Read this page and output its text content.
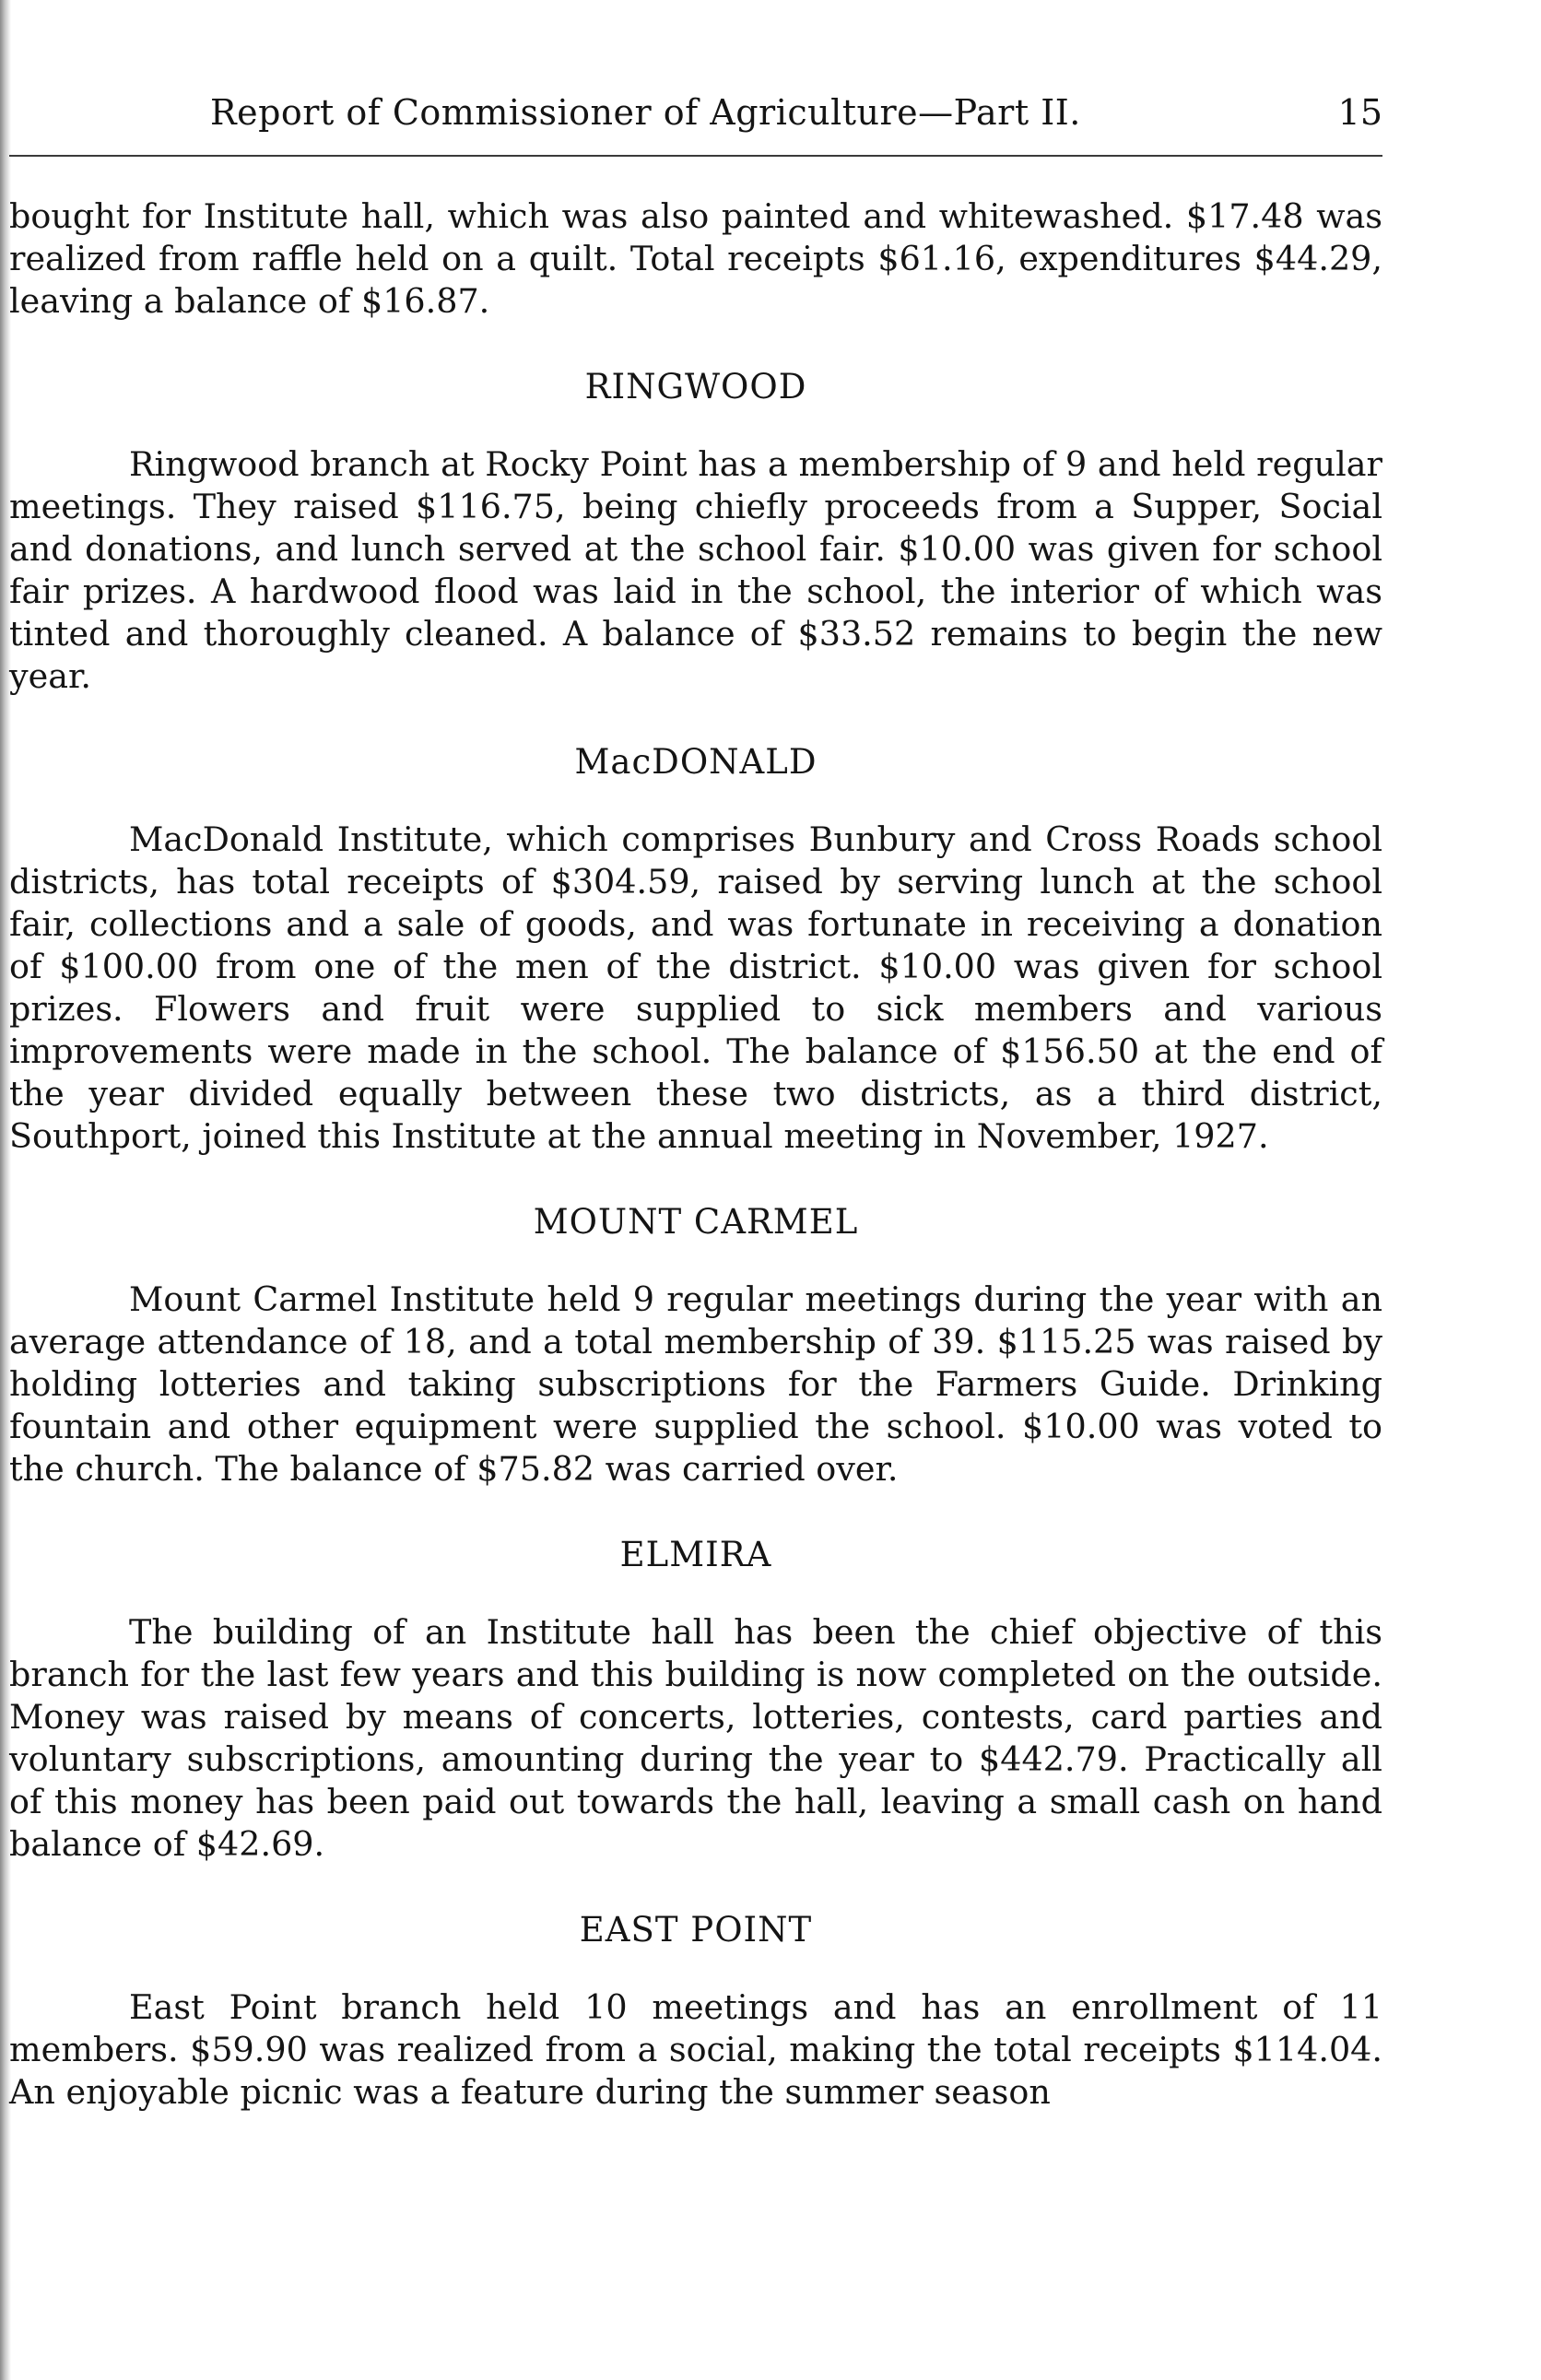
Report of Commissioner of Agriculture—Part II.	15

bought for Institute hall, which was also painted and whitewashed. $17.48 was realized from raffle held on a quilt. Total receipts $61.16, expenditures $44.29, leaving a balance of $16.87.

RINGWOOD

Ringwood branch at Rocky Point has a membership of 9 and held regular meetings. They raised $116.75, being chiefly proceeds from a Supper, Social and donations, and lunch served at the school fair. $10.00 was given for school fair prizes. A hardwood flood was laid in the school, the interior of which was tinted and thoroughly cleaned. A balance of $33.52 remains to begin the new year.

MacDONALD

MacDonald Institute, which comprises Bunbury and Cross Roads school districts, has total receipts of $304.59, raised by serving lunch at the school fair, collections and a sale of goods, and was fortunate in receiving a donation of $100.00 from one of the men of the district. $10.00 was given for school prizes. Flowers and fruit were supplied to sick members and various improvements were made in the school. The balance of $156.50 at the end of the year divided equally between these two districts, as a third district, Southport, joined this Institute at the annual meeting in November, 1927.

MOUNT CARMEL

Mount Carmel Institute held 9 regular meetings during the year with an average attendance of 18, and a total membership of 39. $115.25 was raised by holding lotteries and taking subscriptions for the Farmers Guide. Drinking fountain and other equipment were supplied the school. $10.00 was voted to the church. The balance of $75.82 was carried over.

ELMIRA

The building of an Institute hall has been the chief objective of this branch for the last few years and this building is now completed on the outside. Money was raised by means of concerts, lotteries, contests, card parties and voluntary subscriptions, amounting during the year to $442.79. Practically all of this money has been paid out towards the hall, leaving a small cash on hand balance of $42.69.

EAST POINT

East Point branch held 10 meetings and has an enrollment of 11 members. $59.90 was realized from a social, making the total receipts $114.04. An enjoyable picnic was a feature during the summer season
